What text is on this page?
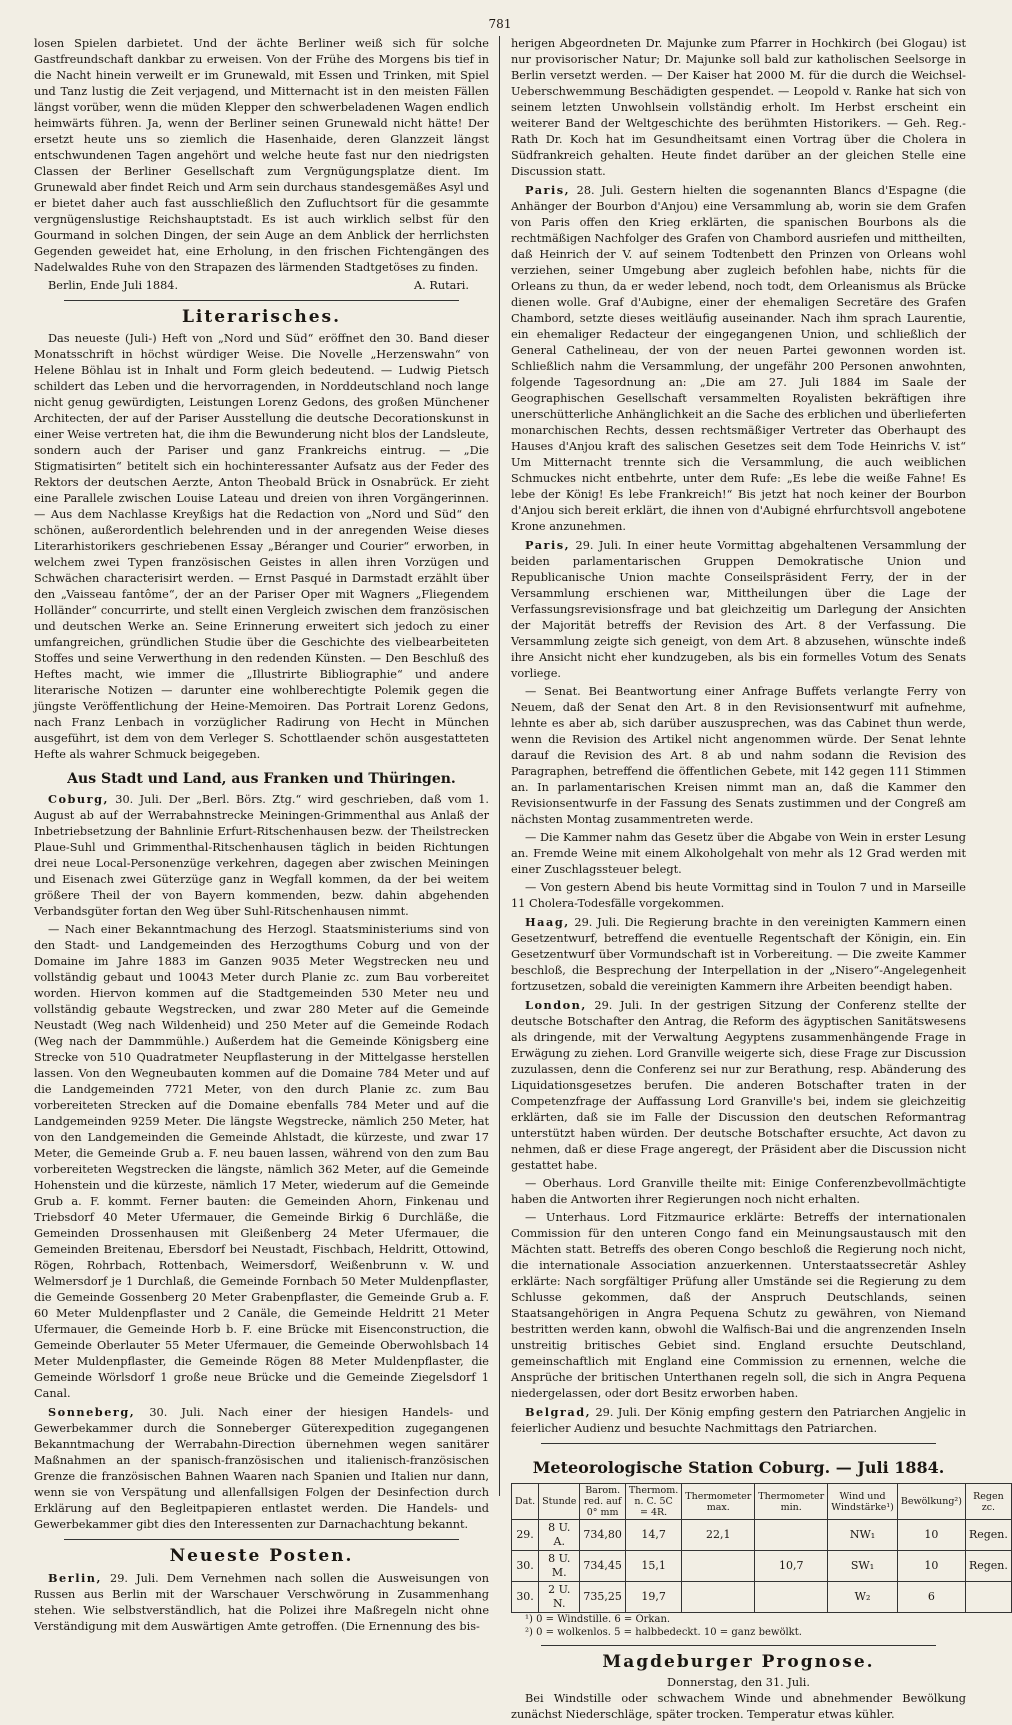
781

losen Spielen darbietet. Und der ächte Berliner weiß sich für solche Gastfreundschaft dankbar zu erweisen. Von der Frühe des Morgens bis tief in die Nacht hinein verweilt er im Grunewald, mit Essen und Trinken, mit Spiel und Tanz lustig die Zeit verjagend, und Mitternacht ist in den meisten Fällen längst vorüber, wenn die müden Klepper den schwerbeladenen Wagen endlich heimwärts führen. Ja, wenn der Berliner seinen Grunewald nicht hätte! Der ersetzt heute uns so ziemlich die Hasenhaide, deren Glanzzeit längst entschwundenen Tagen angehört und welche heute fast nur den niedrigsten Classen der Berliner Gesellschaft zum Vergnügungsplatze dient. Im Grunewald aber findet Reich und Arm sein durchaus standesgemäßes Asyl und er bietet daher auch fast ausschließlich den Zufluchtsort für die gesammte vergnügenslustige Reichshauptstadt. Es ist auch wirklich selbst für den Gourmand in solchen Dingen, der sein Auge an dem Anblick der herrlichsten Gegenden geweidet hat, eine Erholung, in den frischen Fichtengängen des Nadelwaldes Ruhe von den Strapazen des lärmenden Stadtgetöses zu finden.

Berlin, Ende Juli 1884.	A. Rutari.
Literarisches.

Das neueste (Juli-) Heft von „Nord und Süd“ eröffnet den 30. Band dieser Monatsschrift in höchst würdiger Weise. Die Novelle „Herzenswahn“ von Helene Böhlau ist in Inhalt und Form gleich bedeutend. — Ludwig Pietsch schildert das Leben und die hervorragenden, in Norddeutschland noch lange nicht genug gewürdigten, Leistungen Lorenz Gedons, des großen Münchener Architecten, der auf der Pariser Ausstellung die deutsche Decorationskunst in einer Weise vertreten hat, die ihm die Bewunderung nicht blos der Landsleute, sondern auch der Pariser und ganz Frankreichs eintrug. — „Die Stigmatisirten“ betitelt sich ein hochinteressanter Aufsatz aus der Feder des Rektors der deutschen Aerzte, Anton Theobald Brück in Osnabrück. Er zieht eine Parallele zwischen Louise Lateau und dreien von ihren Vorgängerinnen. — Aus dem Nachlasse Kreyßigs hat die Redaction von „Nord und Süd“ den schönen, außerordentlich belehrenden und in der anregenden Weise dieses Literarhistorikers geschriebenen Essay „Béranger und Courier“ erworben, in welchem zwei Typen französischen Geistes in allen ihren Vorzügen und Schwächen characterisirt werden. — Ernst Pasqué in Darmstadt erzählt über den „Vaisseau fantôme“, der an der Pariser Oper mit Wagners „Fliegendem Holländer“ concurrirte, und stellt einen Vergleich zwischen dem französischen und deutschen Werke an. Seine Erinnerung erweitert sich jedoch zu einer umfangreichen, gründlichen Studie über die Geschichte des vielbearbeiteten Stoffes und seine Verwerthung in den redenden Künsten. — Den Beschluß des Heftes macht, wie immer die „Illustrirte Bibliographie“ und andere literarische Notizen — darunter eine wohlberechtigte Polemik gegen die jüngste Veröffentlichung der Heine-Memoiren. Das Portrait Lorenz Gedons, nach Franz Lenbach in vorzüglicher Radirung von Hecht in München ausgeführt, ist dem von dem Verleger S. Schottlaender schön ausgestatteten Hefte als wahrer Schmuck beigegeben.

Aus Stadt und Land, aus Franken und Thüringen.

Coburg, 30. Juli. Der „Berl. Börs. Ztg.“ wird geschrieben, daß vom 1. August ab auf der Werrabahnstrecke Meiningen-Grimmenthal aus Anlaß der Inbetriebsetzung der Bahnlinie Erfurt-Ritschenhausen bezw. der Theilstrecken Plaue-Suhl und Grimmenthal-Ritschenhausen täglich in beiden Richtungen drei neue Local-Personenzüge verkehren, dagegen aber zwischen Meiningen und Eisenach zwei Güterzüge ganz in Wegfall kommen, da der bei weitem größere Theil der von Bayern kommenden, bezw. dahin abgehenden Verbandsgüter fortan den Weg über Suhl-Ritschenhausen nimmt.

— Nach einer Bekanntmachung des Herzogl. Staatsministeriums sind von den Stadt- und Landgemeinden des Herzogthums Coburg und von der Domaine im Jahre 1883 im Ganzen 9035 Meter Wegstrecken neu und vollständig gebaut und 10043 Meter durch Planie zc. zum Bau vorbereitet worden. Hiervon kommen auf die Stadtgemeinden 530 Meter neu und vollständig gebaute Wegstrecken, und zwar 280 Meter auf die Gemeinde Neustadt (Weg nach Wildenheid) und 250 Meter auf die Gemeinde Rodach (Weg nach der Dammmühle.) Außerdem hat die Gemeinde Königsberg eine Strecke von 510 Quadratmeter Neupflasterung in der Mittelgasse herstellen lassen. Von den Wegneubauten kommen auf die Domaine 784 Meter und auf die Landgemeinden 7721 Meter, von den durch Planie zc. zum Bau vorbereiteten Strecken auf die Domaine ebenfalls 784 Meter und auf die Landgemeinden 9259 Meter. Die längste Wegstrecke, nämlich 250 Meter, hat von den Landgemeinden die Gemeinde Ahlstadt, die kürzeste, und zwar 17 Meter, die Gemeinde Grub a. F. neu bauen lassen, während von den zum Bau vorbereiteten Wegstrecken die längste, nämlich 362 Meter, auf die Gemeinde Hohenstein und die kürzeste, nämlich 17 Meter, wiederum auf die Gemeinde Grub a. F. kommt. Ferner bauten: die Gemeinden Ahorn, Finkenau und Triebsdorf 40 Meter Ufermauer, die Gemeinde Birkig 6 Durchläße, die Gemeinden Drossenhausen mit Gleißenberg 24 Meter Ufermauer, die Gemeinden Breitenau, Ebersdorf bei Neustadt, Fischbach, Heldritt, Ottowind, Rögen, Rohrbach, Rottenbach, Weimersdorf, Weißenbrunn v. W. und Welmersdorf je 1 Durchlaß, die Gemeinde Fornbach 50 Meter Muldenpflaster, die Gemeinde Gossenberg 20 Meter Grabenpflaster, die Gemeinde Grub a. F. 60 Meter Muldenpflaster und 2 Canäle, die Gemeinde Heldritt 21 Meter Ufermauer, die Gemeinde Horb b. F. eine Brücke mit Eisenconstruction, die Gemeinde Oberlauter 55 Meter Ufermauer, die Gemeinde Oberwohlsbach 14 Meter Muldenpflaster, die Gemeinde Rögen 88 Meter Muldenpflaster, die Gemeinde Wörlsdorf 1 große neue Brücke und die Gemeinde Ziegelsdorf 1 Canal.

Sonneberg, 30. Juli. Nach einer der hiesigen Handels- und Gewerbekammer durch die Sonneberger Güterexpedition zugegangenen Bekanntmachung der Werrabahn-Direction übernehmen wegen sanitärer Maßnahmen an der spanisch-französischen und italienisch-französischen Grenze die französischen Bahnen Waaren nach Spanien und Italien nur dann, wenn sie von Verspätung und allenfallsigen Folgen der Desinfection durch Erklärung auf den Begleitpapieren entlastet werden. Die Handels- und Gewerbekammer gibt dies den Interessenten zur Darnachachtung bekannt.

Neueste Posten.

Berlin, 29. Juli. Dem Vernehmen nach sollen die Ausweisungen von Russen aus Berlin mit der Warschauer Verschwörung in Zusammenhang stehen. Wie selbstverständlich, hat die Polizei ihre Maßregeln nicht ohne Verständigung mit dem Auswärtigen Amte getroffen. (Die Ernennung des bis-

herigen Abgeordneten Dr. Majunke zum Pfarrer in Hochkirch (bei Glogau) ist nur provisorischer Natur; Dr. Majunke soll bald zur katholischen Seelsorge in Berlin versetzt werden. — Der Kaiser hat 2000 M. für die durch die Weichsel-Ueberschwemmung Beschädigten gespendet. — Leopold v. Ranke hat sich von seinem letzten Unwohlsein vollständig erholt. Im Herbst erscheint ein weiterer Band der Weltgeschichte des berühmten Historikers. — Geh. Reg.-Rath Dr. Koch hat im Gesundheitsamt einen Vortrag über die Cholera in Südfrankreich gehalten. Heute findet darüber an der gleichen Stelle eine Discussion statt.

Paris, 28. Juli. Gestern hielten die sogenannten Blancs d'Espagne (die Anhänger der Bourbon d'Anjou) eine Versammlung ab, worin sie dem Grafen von Paris offen den Krieg erklärten, die spanischen Bourbons als die rechtmäßigen Nachfolger des Grafen von Chambord ausriefen und mittheilten, daß Heinrich der V. auf seinem Todtenbett den Prinzen von Orleans wohl verziehen, seiner Umgebung aber zugleich befohlen habe, nichts für die Orleans zu thun, da er weder lebend, noch todt, dem Orleanismus als Brücke dienen wolle. Graf d'Aubigne, einer der ehemaligen Secretäre des Grafen Chambord, setzte dieses weitläufig auseinander. Nach ihm sprach Laurentie, ein ehemaliger Redacteur der eingegangenen Union, und schließlich der General Cathelineau, der von der neuen Partei gewonnen worden ist. Schließlich nahm die Versammlung, der ungefähr 200 Personen anwohnten, folgende Tagesordnung an: „Die am 27. Juli 1884 im Saale der Geographischen Gesellschaft versammelten Royalisten bekräftigen ihre unerschütterliche Anhänglichkeit an die Sache des erblichen und überlieferten monarchischen Rechts, dessen rechtsmäßiger Vertreter das Oberhaupt des Hauses d'Anjou kraft des salischen Gesetzes seit dem Tode Heinrichs V. ist“ Um Mitternacht trennte sich die Versammlung, die auch weiblichen Schmuckes nicht entbehrte, unter dem Rufe: „Es lebe die weiße Fahne! Es lebe der König! Es lebe Frankreich!“ Bis jetzt hat noch keiner der Bourbon d'Anjou sich bereit erklärt, die ihnen von d'Aubigné ehrfurchtsvoll angebotene Krone anzunehmen.

Paris, 29. Juli. In einer heute Vormittag abgehaltenen Versammlung der beiden parlamentarischen Gruppen Demokratische Union und Republicanische Union machte Conseilspräsident Ferry, der in der Versammlung erschienen war, Mittheilungen über die Lage der Verfassungsrevisionsfrage und bat gleichzeitig um Darlegung der Ansichten der Majorität betreffs der Revision des Art. 8 der Verfassung. Die Versammlung zeigte sich geneigt, von dem Art. 8 abzusehen, wünschte indeß ihre Ansicht nicht eher kundzugeben, als bis ein formelles Votum des Senats vorliege.

— Senat. Bei Beantwortung einer Anfrage Buffets verlangte Ferry von Neuem, daß der Senat den Art. 8 in den Revisionsentwurf mit aufnehme, lehnte es aber ab, sich darüber auszusprechen, was das Cabinet thun werde, wenn die Revision des Artikel nicht angenommen würde. Der Senat lehnte darauf die Revision des Art. 8 ab und nahm sodann die Revision des Paragraphen, betreffend die öffentlichen Gebete, mit 142 gegen 111 Stimmen an. In parlamentarischen Kreisen nimmt man an, daß die Kammer den Revisionsentwurfe in der Fassung des Senats zustimmen und der Congreß am nächsten Montag zusammentreten werde.

— Die Kammer nahm das Gesetz über die Abgabe von Wein in erster Lesung an. Fremde Weine mit einem Alkoholgehalt von mehr als 12 Grad werden mit einer Zuschlagssteuer belegt.

— Von gestern Abend bis heute Vormittag sind in Toulon 7 und in Marseille 11 Cholera-Todesfälle vorgekommen.

Haag, 29. Juli. Die Regierung brachte in den vereinigten Kammern einen Gesetzentwurf, betreffend die eventuelle Regentschaft der Königin, ein. Ein Gesetzentwurf über Vormundschaft ist in Vorbereitung. — Die zweite Kammer beschloß, die Besprechung der Interpellation in der „Nisero“-Angelegenheit fortzusetzen, sobald die vereinigten Kammern ihre Arbeiten beendigt haben.

London, 29. Juli. In der gestrigen Sitzung der Conferenz stellte der deutsche Botschafter den Antrag, die Reform des ägyptischen Sanitätswesens als dringende, mit der Verwaltung Aegyptens zusammenhängende Frage in Erwägung zu ziehen. Lord Granville weigerte sich, diese Frage zur Discussion zuzulassen, denn die Conferenz sei nur zur Berathung, resp. Abänderung des Liquidationsgesetzes berufen. Die anderen Botschafter traten in der Competenzfrage der Auffassung Lord Granville's bei, indem sie gleichzeitig erklärten, daß sie im Falle der Discussion den deutschen Reformantrag unterstützt haben würden. Der deutsche Botschafter ersuchte, Act davon zu nehmen, daß er diese Frage angeregt, der Präsident aber die Discussion nicht gestattet habe.

— Oberhaus. Lord Granville theilte mit: Einige Conferenzbevollmächtigte haben die Antworten ihrer Regierungen noch nicht erhalten.

— Unterhaus. Lord Fitzmaurice erklärte: Betreffs der internationalen Commission für den unteren Congo fand ein Meinungsaustausch mit den Mächten statt. Betreffs des oberen Congo beschloß die Regierung noch nicht, die internationale Association anzuerkennen. Unterstaatssecretär Ashley erklärte: Nach sorgfältiger Prüfung aller Umstände sei die Regierung zu dem Schlusse gekommen, daß der Anspruch Deutschlands, seinen Staatsangehörigen in Angra Pequena Schutz zu gewähren, von Niemand bestritten werden kann, obwohl die Walfisch-Bai und die angrenzenden Inseln unstreitig britisches Gebiet sind. England ersuchte Deutschland, gemeinschaftlich mit England eine Commission zu ernennen, welche die Ansprüche der britischen Unterthanen regeln soll, die sich in Angra Pequena niedergelassen, oder dort Besitz erworben haben.

Belgrad, 29. Juli. Der König empfing gestern den Patriarchen Angjelic in feierlicher Audienz und besuchte Nachmittags den Patriarchen.

Meteorologische Station Coburg. — Juli 1884.
Dat.	Stunde	Barom. red. auf 0° mm	Thermom. n. C. 5C = 4R.	Thermometer max.	Thermometer min.	Wind und Windstärke¹)	Bewölkung²)	Regen zc.
29.	8 U. A.	734,80	14,7	22,1		NW₁	10	Regen.
30.	8 U. M.	734,45	15,1		10,7	SW₁	10	Regen.
30.	2 U. N.	735,25	19,7			W₂	6	
¹) 0 = Windstille. 6 = Orkan.
²) 0 = wolkenlos. 5 = halbbedeckt. 10 = ganz bewölkt.
Magdeburger Prognose.
Donnerstag, den 31. Juli.

Bei Windstille oder schwachem Winde und abnehmender Bewölkung zunächst Niederschläge, später trocken. Temperatur etwas kühler.
